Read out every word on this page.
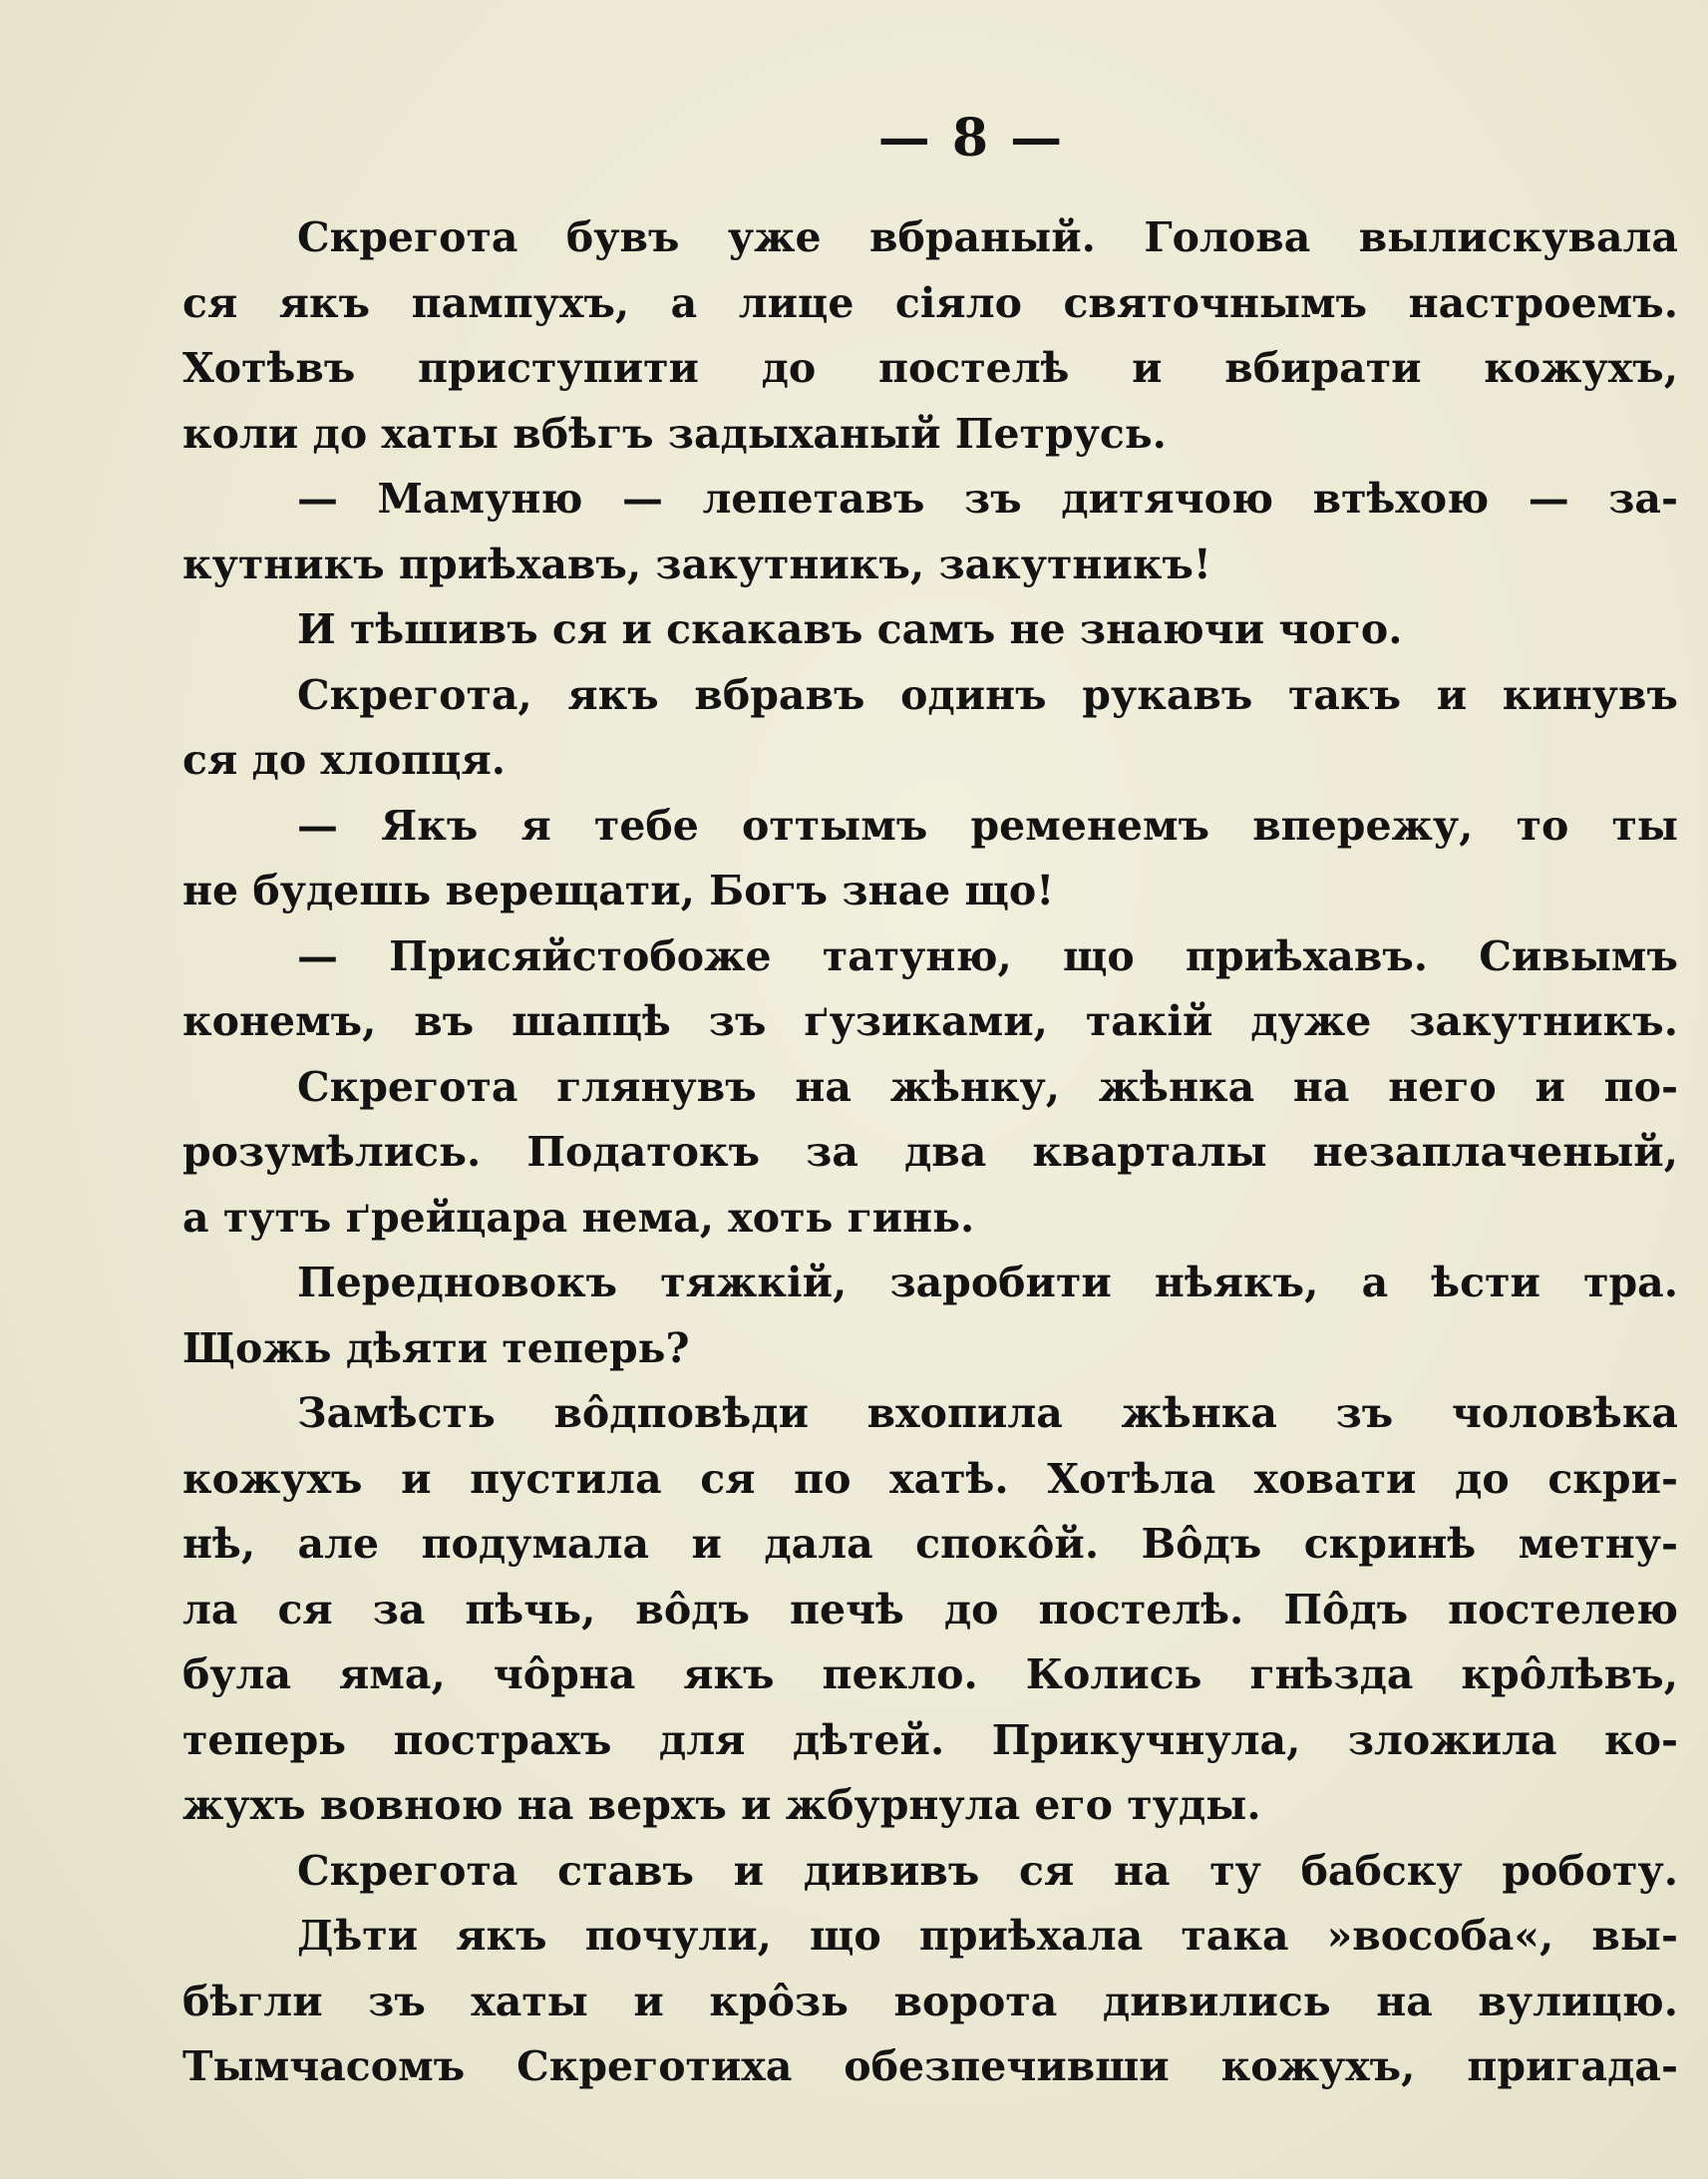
— 8 —
Скрегота бувъ уже вбраный. Голова вылискувала
ся якъ пампухъ, а лице сіяло святочнымъ настроемъ.
Хотѣвъ приступити до постелѣ и вбирати кожухъ,
коли до хаты вбѣгъ задыханый Петрусь.
— Мамуню — лепетавъ зъ дитячою втѣхою — за-
кутникъ приѣхавъ, закутникъ, закутникъ!
И тѣшивъ ся и скакавъ самъ не знаючи чого.
Скрегота, якъ вбравъ одинъ рукавъ такъ и кинувъ
ся до хлопця.
— Якъ я тебе оттымъ ременемъ вперeжу, то ты
не будешь верещати, Богъ знае що!
— Присяйстобоже татуню, що приѣхавъ. Сивымъ
конемъ, въ шапцѣ зъ ґузиками, такій дуже закутникъ.
Скрегота глянувъ на жѣнку, жѣнка на него и по-
розумѣлись. Податокъ за два кварталы незаплаченый,
а тутъ ґрейцара нема, хоть гинь.
Передновокъ тяжкій, заробити нѣякъ, а ѣсти тра.
Щожь дѣяти теперь?
Замѣсть вôдповѣди вхопила жѣнка зъ чоловѣка
кожухъ и пустила ся по хатѣ. Хотѣла ховати до скри-
нѣ, але подумала и дала спокôй. Вôдъ скринѣ метну-
ла ся за пѣчь, вôдъ печѣ до постелѣ. Пôдъ постелею
була яма, чôрна якъ пекло. Колись гнѣзда крôлѣвъ,
теперь пострахъ для дѣтей. Прикучнула, зложила ко-
жухъ вовною на верхъ и жбурнула его туды.
Скрегота ставъ и дививъ ся на ту бабску роботу.
Дѣти якъ почули, що приѣхала така »вособа«, вы-
бѣгли зъ хаты и крôзь ворота дивились на вулицю.
Тымчасомъ Скреготиха обезпечивши кожухъ, пригада-
